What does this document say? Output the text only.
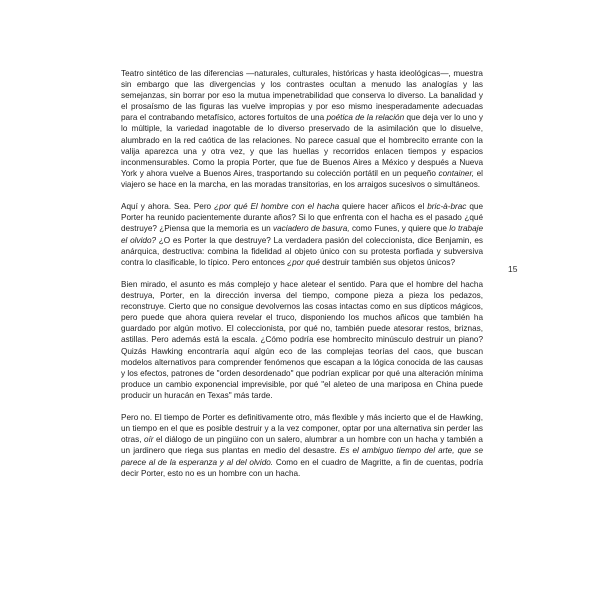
Teatro sintético de las diferencias —naturales, culturales, históricas y hasta ideológicas—, muestra sin embargo que las divergencias y los contrastes ocultan a menudo las analogías y las semejanzas, sin borrar por eso la mutua impenetrabilidad que conserva lo diverso. La banalidad y el prosaísmo de las figuras las vuelve impropias y por eso mismo inesperadamente adecuadas para el contrabando metafísico, actores fortuitos de una poética de la relación que deja ver lo uno y lo múltiple, la variedad inagotable de lo diverso preservado de la asimilación que lo disuelve, alumbrado en la red caótica de las relaciones. No parece casual que el hombrecito errante con la valija aparezca una y otra vez, y que las huellas y recorridos enlacen tiempos y espacios inconmensurables. Como la propia Porter, que fue de Buenos Aires a México y después a Nueva York y ahora vuelve a Buenos Aires, trasportando su colección portátil en un pequeño container, el viajero se hace en la marcha, en las moradas transitorias, en los arraigos sucesivos o simultáneos.

Aquí y ahora. Sea. Pero ¿por qué El hombre con el hacha quiere hacer añicos el bric-à-brac que Porter ha reunido pacientemente durante años? Si lo que enfrenta con el hacha es el pasado ¿qué destruye? ¿Piensa que la memoria es un vaciadero de basura, como Funes, y quiere que lo trabaje el olvido? ¿O es Porter la que destruye? La verdadera pasión del coleccionista, dice Benjamin, es anárquica, destructiva: combina la fidelidad al objeto único con su protesta porfiada y subversiva contra lo clasificable, lo típico. Pero entonces ¿por qué destruir también sus objetos únicos?

Bien mirado, el asunto es más complejo y hace aletear el sentido. Para que el hombre del hacha destruya, Porter, en la dirección inversa del tiempo, compone pieza a pieza los pedazos, reconstruye. Cierto que no consigue devolvernos las cosas intactas como en sus dípticos mágicos, pero puede que ahora quiera revelar el truco, disponiendo los muchos añicos que también ha guardado por algún motivo. El coleccionista, por qué no, también puede atesorar restos, briznas, astillas. Pero además está la escala. ¿Cómo podría ese hombrecito minúsculo destruir un piano? Quizás Hawking encontraría aquí algún eco de las complejas teorías del caos, que buscan modelos alternativos para comprender fenómenos que escapan a la lógica conocida de las causas y los efectos, patrones de "orden desordenado" que podrían explicar por qué una alteración mínima produce un cambio exponencial imprevisible, por qué "el aleteo de una mariposa en China puede producir un huracán en Texas" más tarde.

Pero no. El tiempo de Porter es definitivamente otro, más flexible y más incierto que el de Hawking, un tiempo en el que es posible destruir y a la vez componer, optar por una alternativa sin perder las otras, oír el diálogo de un pingüino con un salero, alumbrar a un hombre con un hacha y también a un jardinero que riega sus plantas en medio del desastre. Es el ambiguo tiempo del arte, que se parece al de la esperanza y al del olvido. Como en el cuadro de Magritte, a fin de cuentas, podría decir Porter, esto no es un hombre con un hacha.

15
